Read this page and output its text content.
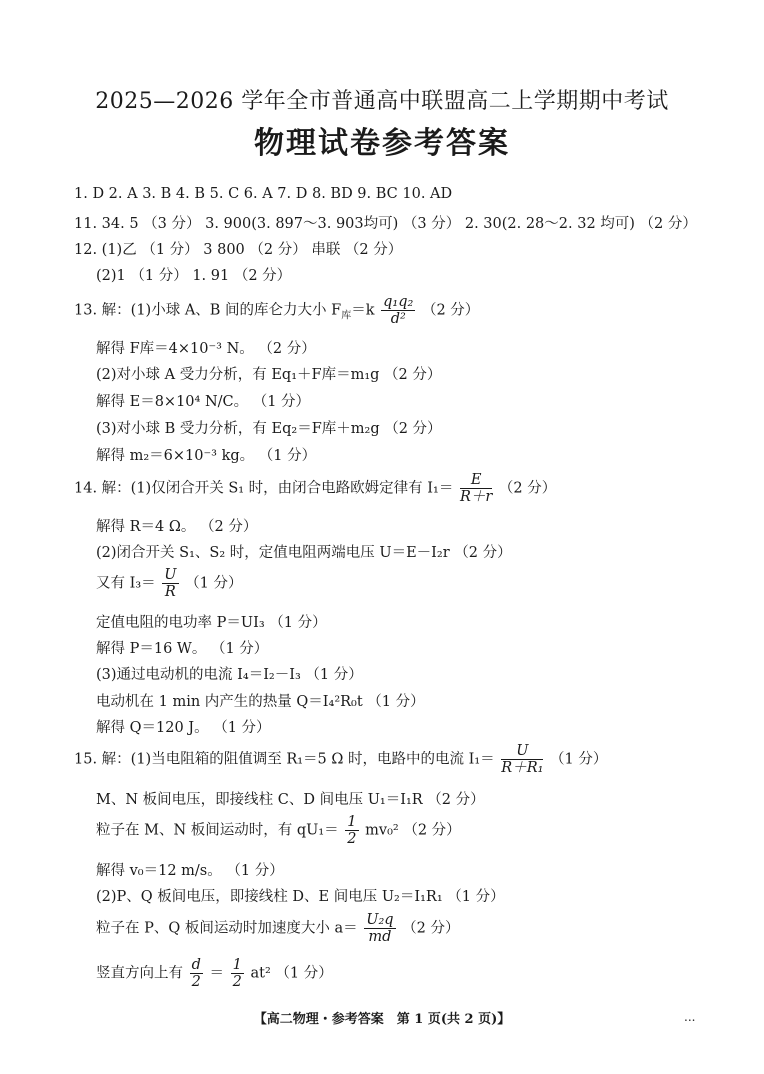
2025—2026 学年全市普通高中联盟高二上学期期中考试
物理试卷参考答案
1. D 2. A 3. B 4. B 5. C 6. A 7. D 8. BD 9. BC 10. AD
11. 34. 5 （3 分） 3. 900(3. 897～3. 903均可) （3 分） 2. 30(2. 28～2. 32 均可) （2 分）
12. (1)乙 （1 分） 3 800 （2 分） 串联 （2 分）
(2)1 （1 分） 1. 91 （2 分）
13. 解：(1)小球 A、B 间的库仑力大小 $F_库=k \frac{\text{q₁q₂}}{\text{d²}} (2$ 分）
解得 F库＝4×10⁻³ N。 （2 分）
(2)对小球 A 受力分析，有 Eq₁＋F库＝m₁g （2 分）
解得 E＝8×10⁴ N/C。 （1 分）
(3)对小球 B 受力分析，有 Eq₂＝F库＋m₂g （2 分）
解得 m₂＝6×10⁻³ kg。 （1 分）
14. 解：(1)仅闭合开关 S₁ 时，由闭合电路欧姆定律有 $I_1= \frac{E}{R+r} (2$ 分）
解得 R＝4 Ω。 （2 分）
(2)闭合开关 S₁、S₂ 时，定值电阻两端电压 U＝E－I₂r （2 分）
又有 $I_3= \frac{U}{R} (1$ 分）
定值电阻的电功率 P＝UI₃ （1 分）
解得 P＝16 W。 （1 分）
(3)通过电动机的电流 I₄＝I₂－I₃ （1 分）
电动机在 1 min 内产生的热量 Q＝I₄²R₀t （1 分）
解得 Q＝120 J。 （1 分）
15. 解：(1)当电阻箱的阻值调至 R₁＝5 Ω 时，电路中的电流 $I_1= \frac{U}{\text{R＋R₁}} (1$ 分）
M、N 板间电压，即接线柱 C、D 间电压 U₁＝I₁R （2 分）
粒子在 M、N 板间运动时，有 $qU_1= \frac{1}{2} mv_0^2$ （2 分）
解得 v₀＝12 m/s。 （1 分）
(2)P、Q 板间电压，即接线柱 D、E 间电压 U₂＝I₁R₁ （1 分）
粒子在 P、Q 板间运动时加速度大小 $a= \frac{\text{U₂q}}{md} (2$ 分）
竖直方向上有 $\frac{d}{2} = \frac{1}{2} at^2$ （1 分）
【高二物理・参考答案　第 1 页(共 2 页)】	...
